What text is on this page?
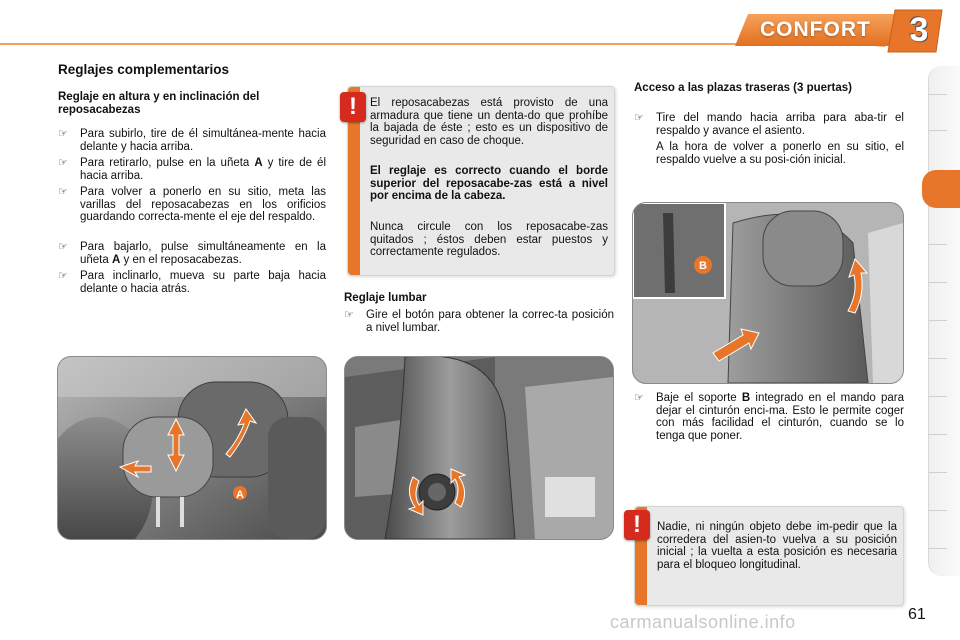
CONFORT 3
Reglajes complementarios
Reglaje en altura y en inclinación del reposacabezas
☞ Para subirlo, tire de él simultánea-mente hacia delante y hacia arriba.
☞ Para retirarlo, pulse en la uñeta A y tire de él hacia arriba.
☞ Para volver a ponerlo en su sitio, meta las varillas del reposacabezas en los orificios guardando correcta-mente el eje del respaldo.
☞ Para bajarlo, pulse simultáneamente en la uñeta A y en el reposacabezas.
☞ Para inclinarlo, mueva su parte baja hacia delante o hacia atrás.
A
El reposacabezas está provisto de una armadura que tiene un denta-do que prohíbe la bajada de éste ; esto es un dispositivo de seguridad en caso de choque.
El reglaje es correcto cuando el borde superior del reposacabe-zas está a nivel por encima de la cabeza.
Nunca circule con los reposacabe-zas quitados ; éstos deben estar puestos y correctamente regulados.
!
Reglaje lumbar
☞ Gire el botón para obtener la correc-ta posición a nivel lumbar.
Acceso a las plazas traseras (3 puertas)
☞ Tire del mando hacia arriba para aba-tir el respaldo y avance el asiento.
A la hora de volver a ponerlo en su sitio, el respaldo vuelve a su posi-ción inicial.
B
☞ Baje el soporte B integrado en el mando para dejar el cinturón enci-ma. Esto le permite coger con más facilidad el cinturón, cuando se lo tenga que poner.
Nadie, ni ningún objeto debe im-pedir que la corredera del asien-to vuelva a su posición inicial ; la vuelta a esta posición es necesaria para el bloqueo longitudinal.
!
61
carmanualsonline.info
